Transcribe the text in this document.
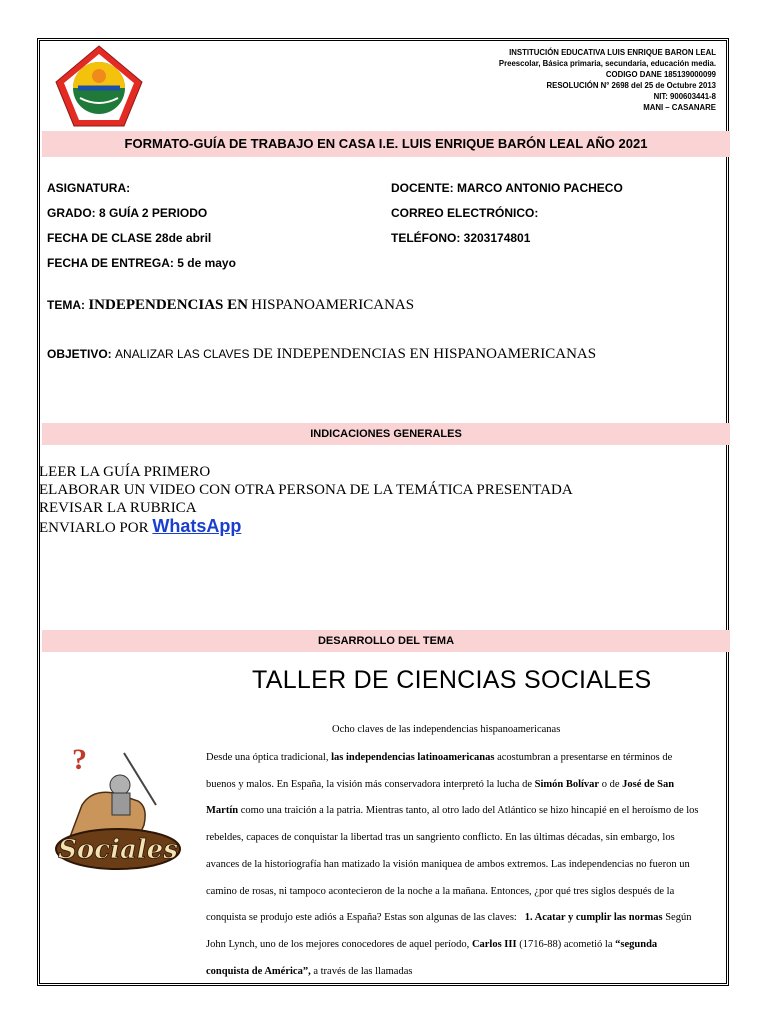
INSTITUCIÓN EDUCATIVA LUIS ENRIQUE BARON LEAL
Preescolar, Básica primaria, secundaria, educación media.
CODIGO DANE 185139000099
RESOLUCIÓN N° 2698 del 25 de Octubre 2013
NIT: 900603441-8
MANI – CASANARE
FORMATO-GUÍA DE TRABAJO EN CASA I.E. LUIS ENRIQUE BARÓN LEAL AÑO 2021
ASIGNATURA:
GRADO: 8 GUÍA 2 PERIODO
FECHA DE CLASE 28de abril
FECHA DE ENTREGA: 5 de mayo
DOCENTE: MARCO ANTONIO PACHECO
CORREO ELECTRÓNICO:
TELÉFONO: 3203174801
TEMA: INDEPENDENCIAS EN HISPANOAMERICANAS
OBJETIVO: ANALIZAR LAS CLAVES DE INDEPENDENCIAS EN HISPANOAMERICANAS
INDICACIONES GENERALES
LEER LA GUÍA PRIMERO
ELABORAR UN VIDEO CON OTRA PERSONA DE LA TEMÁTICA PRESENTADA
REVISAR LA RUBRICA
ENVIARLO POR WhatsApp
DESARROLLO DEL TEMA
TALLER DE CIENCIAS SOCIALES
Ocho claves de las independencias hispanoamericanas
?
Sociales
Desde una óptica tradicional, las independencias latinoamericanas acostumbran a presentarse en términos de buenos y malos. En España, la visión más conservadora interpretó la lucha de Simón Bolívar o de José de San Martín como una traición a la patria. Mientras tanto, al otro lado del Atlántico se hizo hincapié en el heroísmo de los rebeldes, capaces de conquistar la libertad tras un sangriento conflicto. En las últimas décadas, sin embargo, los avances de la historiografía han matizado la visión maniquea de ambos extremos. Las independencias no fueron un camino de rosas, ni tampoco acontecieron de la noche a la mañana. Entonces, ¿por qué tres siglos después de la conquista se produjo este adiós a España? Estas son algunas de las claves: 1. Acatar y cumplir las normas Según John Lynch, uno de los mejores conocedores de aquel período, Carlos III (1716-88) acometió la “segunda conquista de América”, a través de las llamadas
